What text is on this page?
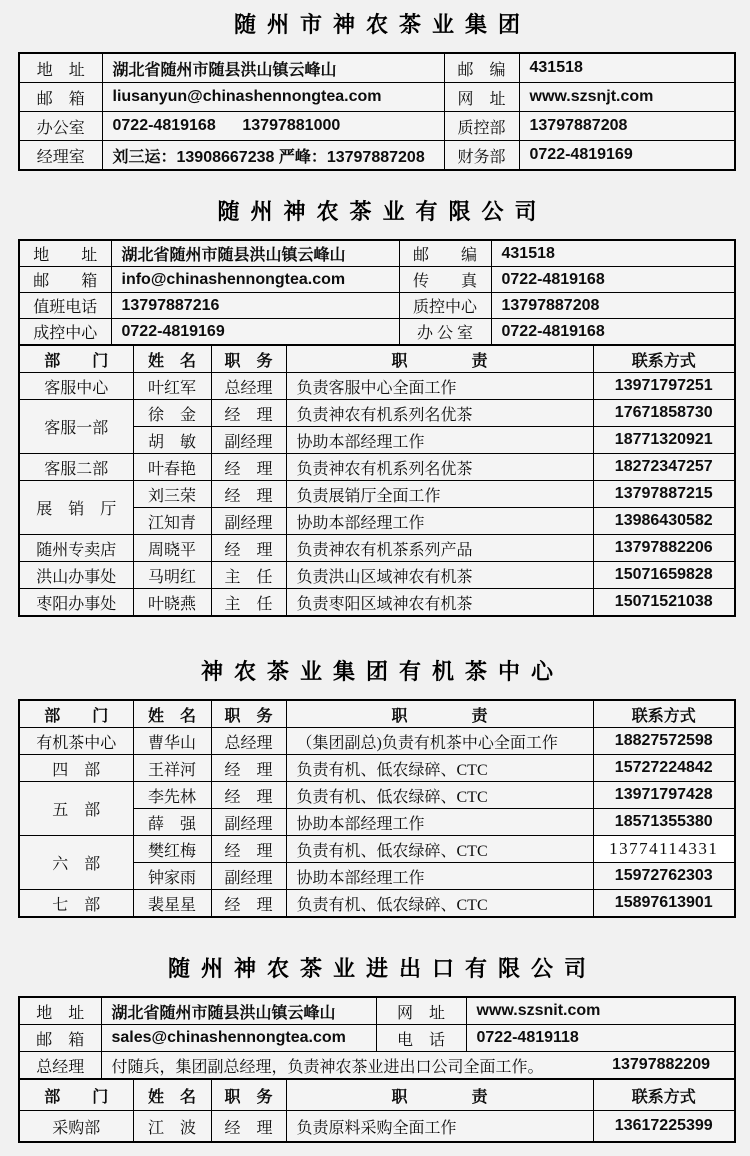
随州市神农茶业集团
地　址	湖北省随州市随县洪山镇云峰山	邮　编	431518
邮　箱	liusanyun@chinashennongtea.com	网　址	www.szsnjt.com
办公室	0722-4819168      13797881000	质控部	13797887208
经理室	刘三运：13908667238 严峰：13797887208	财务部	0722-4819169
随州神农茶业有限公司
地　　址	湖北省随州市随县洪山镇云峰山	邮　　编	431518
邮　　箱	info@chinashennongtea.com	传　　真	0722-4819168
值班电话	13797887216	质控中心	13797887208
成控中心	0722-4819169	办 公 室	0722-4819168
部　　门	姓　名	职　务	职　　　　责	联系方式
客服中心	叶红军	总经理	负责客服中心全面工作	13971797251
客服一部	徐　金	经　理	负责神农有机系列名优茶	17671858730
	胡　敏	副经理	协助本部经理工作	18771320921
客服二部	叶春艳	经　理	负责神农有机系列名优茶	18272347257
展　销　厅	刘三荣	经　理	负责展销厅全面工作	13797887215
	江知青	副经理	协助本部经理工作	13986430582
随州专卖店	周晓平	经　理	负责神农有机茶系列产品	13797882206
洪山办事处	马明红	主　任	负责洪山区域神农有机茶	15071659828
枣阳办事处	叶晓燕	主　任	负责枣阳区域神农有机茶	15071521038
神农茶业集团有机茶中心
部　　门	姓　名	职　务	职　　　　责	联系方式
有机茶中心	曹华山	总经理	（集团副总)负责有机茶中心全面工作	18827572598
四　部	王祥河	经　理	负责有机、低农绿碎、CTC	15727224842
五　部	李先林	经　理	负责有机、低农绿碎、CTC	13971797428
	薛　强	副经理	协助本部经理工作	18571355380
六　部	樊红梅	经　理	负责有机、低农绿碎、CTC	13774114331
	钟家雨	副经理	协助本部经理工作	15972762303
七　部	裴星星	经　理	负责有机、低农绿碎、CTC	15897613901
随州神农茶业进出口有限公司
地　址	湖北省随州市随县洪山镇云峰山	网　址	www.szsnit.com
邮　箱	sales@chinashennongtea.com	电　话	0722-4819118
总经理	付随兵，集团副总经理，负责神农茶业进出口公司全面工作。 13797882209		
部　　门	姓　名	职　务	职　　　　责	联系方式
采购部	江　波	经　理	负责原料采购全面工作	13617225399
